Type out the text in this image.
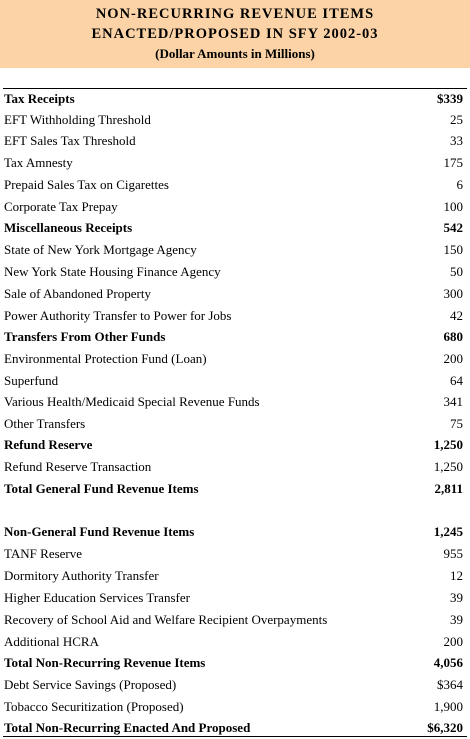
NON-RECURRING REVENUE ITEMS
ENACTED/PROPOSED IN SFY 2002-03
(Dollar Amounts in Millions)
Tax Receipts	$339
EFT Withholding Threshold	25
EFT Sales Tax Threshold	33
Tax Amnesty	175
Prepaid Sales Tax on Cigarettes	6
Corporate Tax Prepay	100
Miscellaneous Receipts	542
State of New York Mortgage Agency	150
New York State Housing Finance Agency	50
Sale of Abandoned Property	300
Power Authority Transfer to Power for Jobs	42
Transfers From Other Funds	680
Environmental Protection Fund (Loan)	200
Superfund	64
Various Health/Medicaid Special Revenue Funds	341
Other Transfers	75
Refund Reserve	1,250
Refund Reserve Transaction	1,250
Total General Fund Revenue Items	2,811
Non-General Fund Revenue Items	1,245
TANF Reserve	955
Dormitory Authority Transfer	12
Higher Education Services Transfer	39
Recovery of School Aid and Welfare Recipient Overpayments	39
Additional HCRA	200
Total Non-Recurring Revenue Items	4,056
Debt Service Savings (Proposed)	$364
Tobacco Securitization (Proposed)	1,900
Total Non-Recurring Enacted And Proposed	$6,320
